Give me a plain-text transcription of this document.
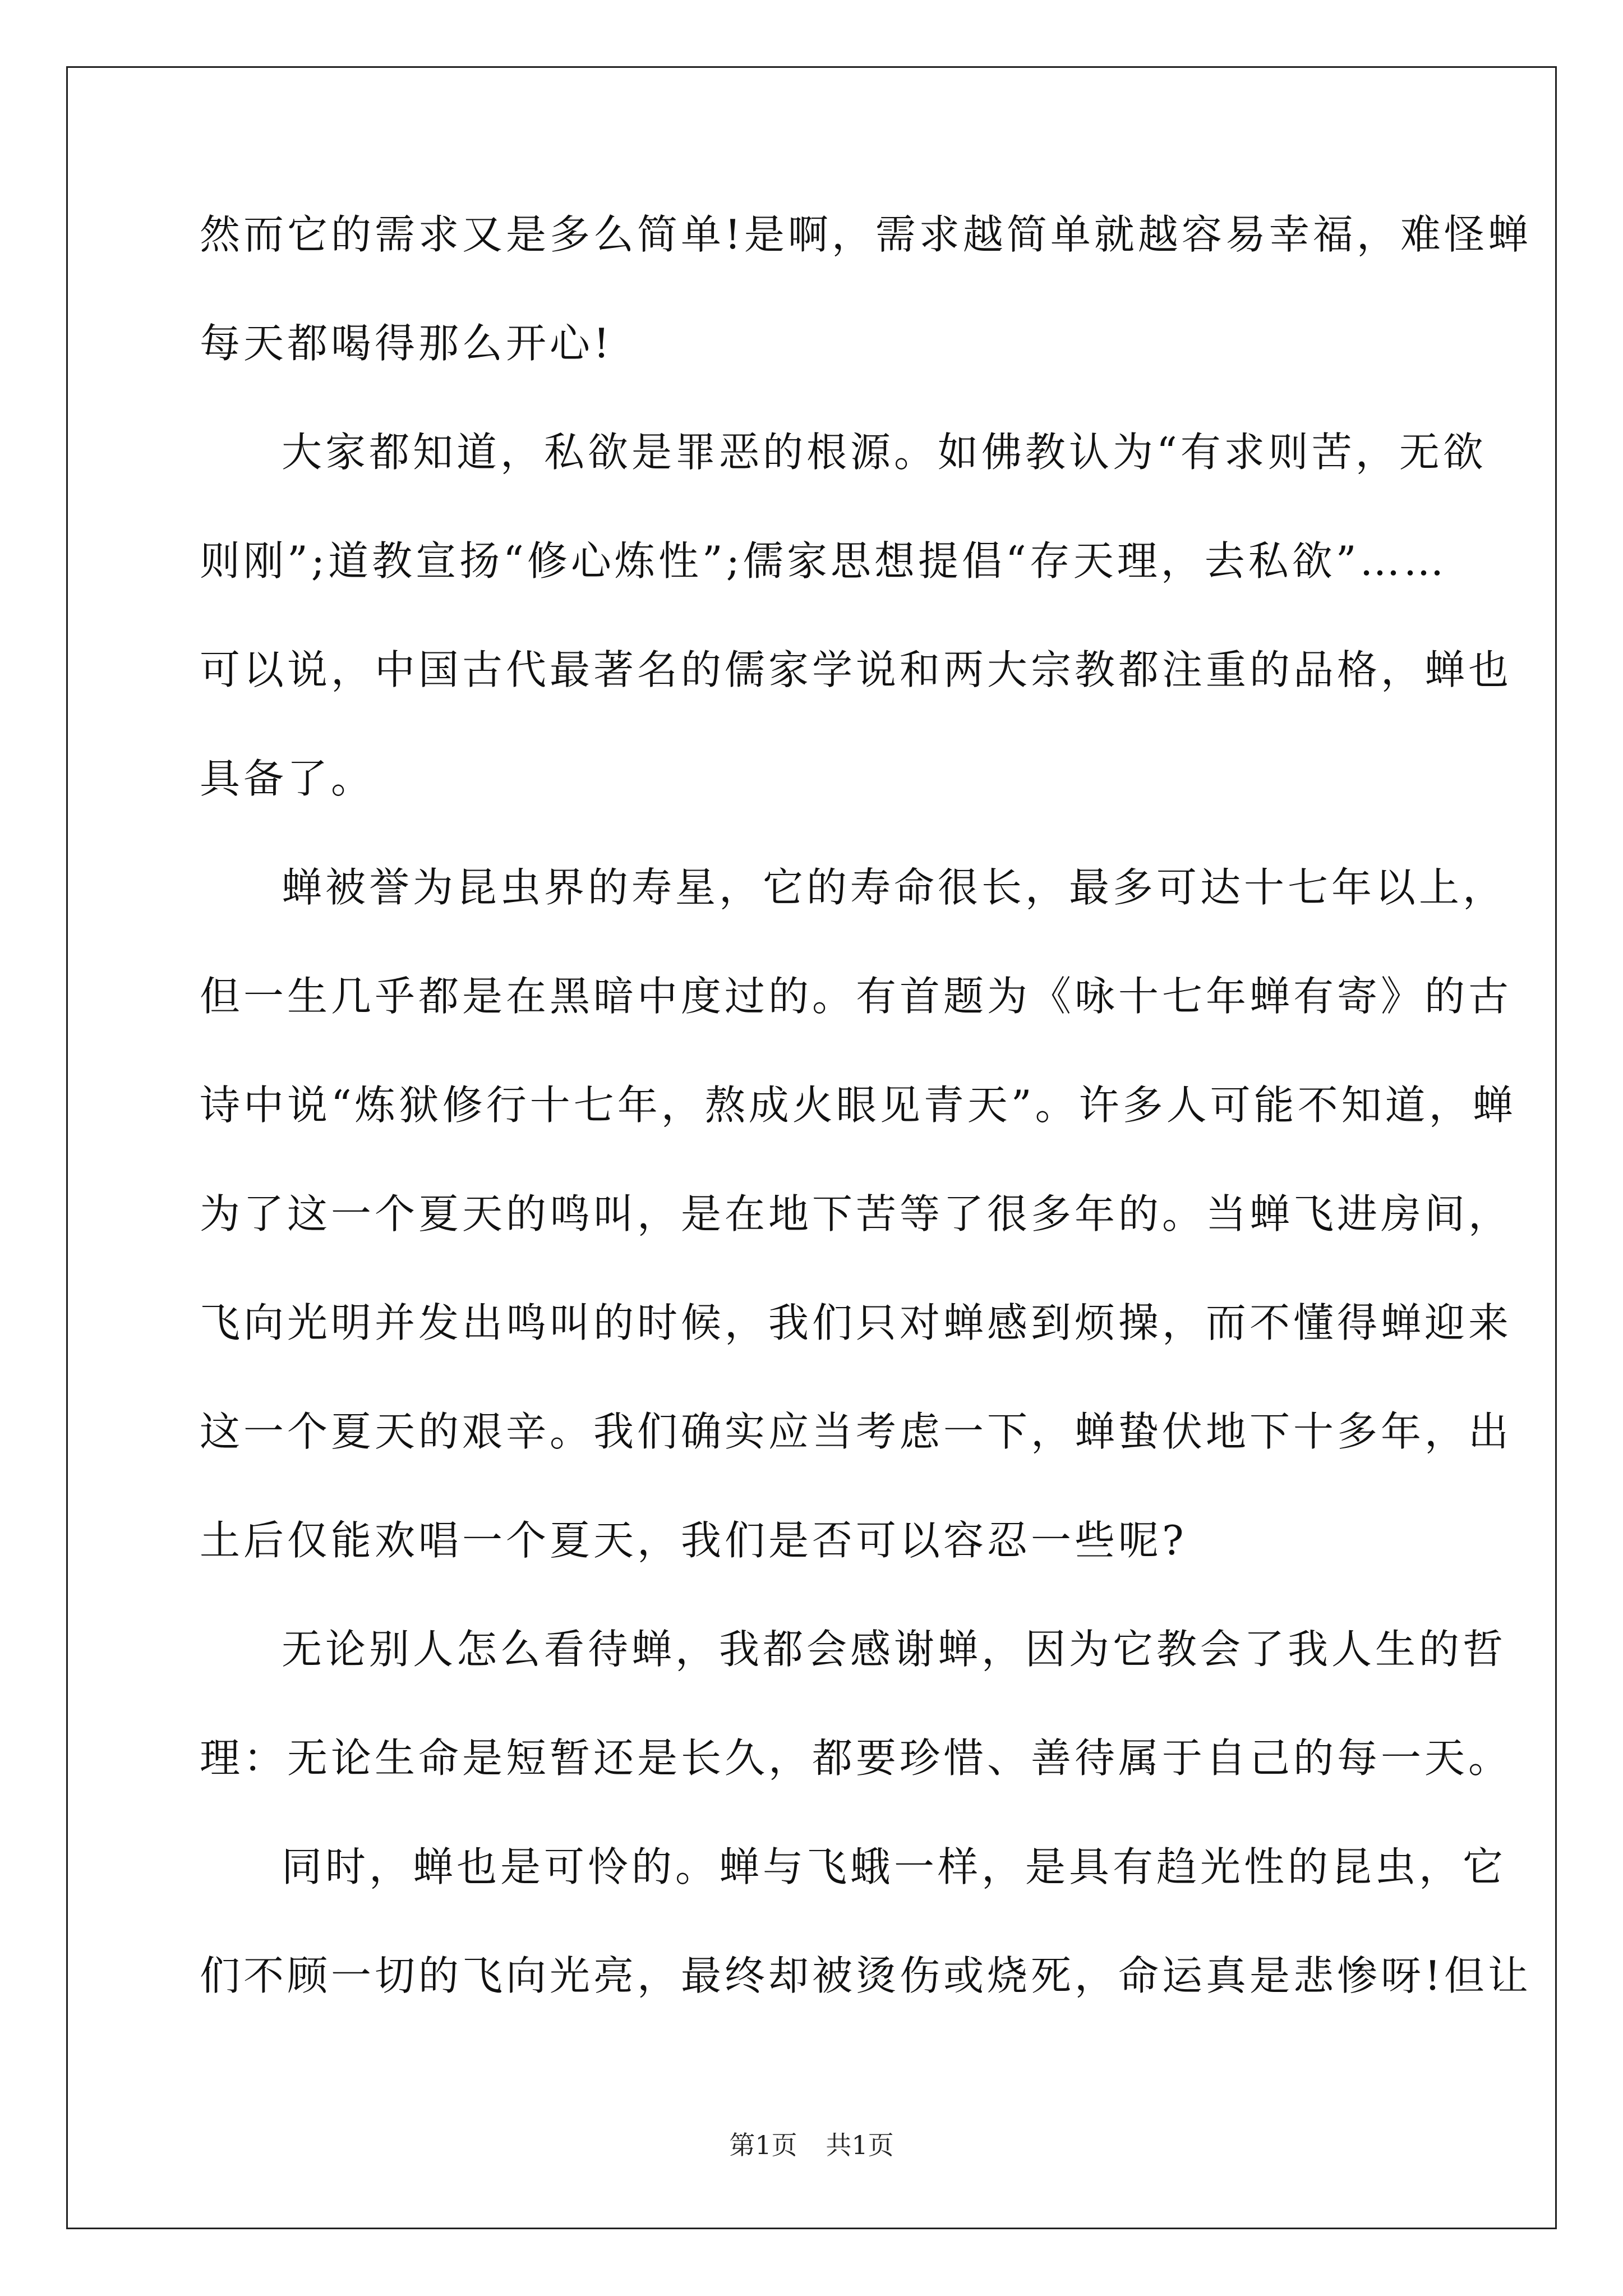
然而它的需求又是多么简单!是啊，需求越简单就越容易幸福，难怪蝉
每天都喝得那么开心!
大家都知道，私欲是罪恶的根源。如佛教认为“有求则苦，无欲
则刚”;道教宣扬“修心炼性”;儒家思想提倡“存天理，去私欲”……
可以说，中国古代最著名的儒家学说和两大宗教都注重的品格，蝉也
具备了。
蝉被誉为昆虫界的寿星，它的寿命很长，最多可达十七年以上，
但一生几乎都是在黑暗中度过的。有首题为《咏十七年蝉有寄》的古
诗中说“炼狱修行十七年，熬成火眼见青天”。许多人可能不知道，蝉
为了这一个夏天的鸣叫，是在地下苦等了很多年的。当蝉飞进房间，
飞向光明并发出鸣叫的时候，我们只对蝉感到烦操，而不懂得蝉迎来
这一个夏天的艰辛。我们确实应当考虑一下，蝉蛰伏地下十多年，出
土后仅能欢唱一个夏天，我们是否可以容忍一些呢?
无论别人怎么看待蝉，我都会感谢蝉，因为它教会了我人生的哲
理：无论生命是短暂还是长久，都要珍惜、善待属于自己的每一天。
同时，蝉也是可怜的。蝉与飞蛾一样，是具有趋光性的昆虫，它
们不顾一切的飞向光亮，最终却被烫伤或烧死，命运真是悲惨呀!但让
第1页 共1页
